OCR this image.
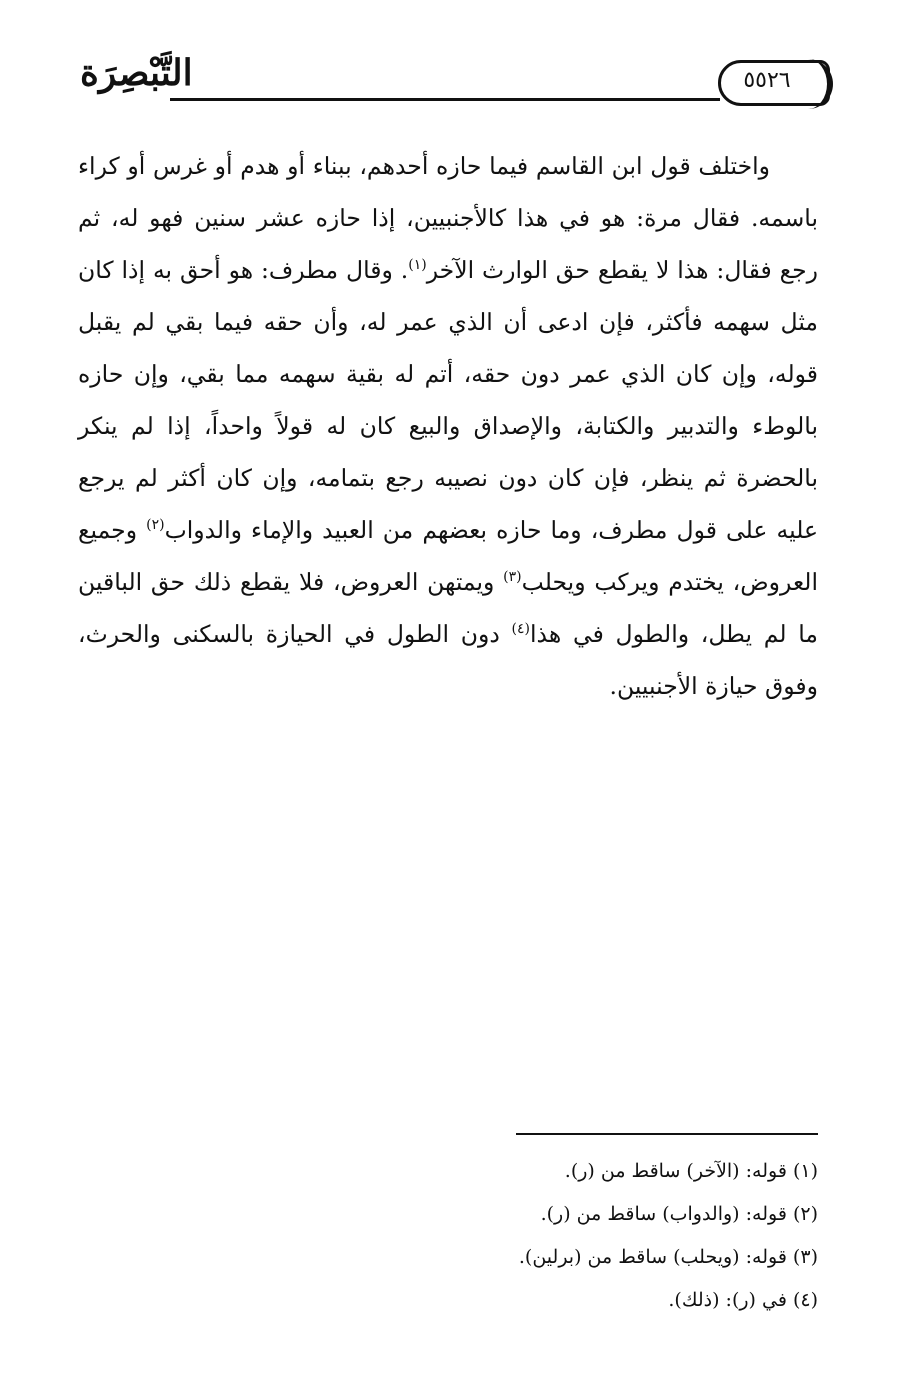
التَّبْصِرَة	٥٥٢٦

واختلف قول ابن القاسم فيما حازه أحدهم، ببناء أو هدم أو غرس أو كراء باسمه. فقال مرة: هو في هذا كالأجنبيين، إذا حازه عشر سنين فهو له، ثم رجع فقال: هذا لا يقطع حق الوارث الآخر$^{(١)}$. وقال مطرف: هو أحق به إذا كان مثل سهمه فأكثر، فإن ادعى أن الذي عمر له، وأن حقه فيما بقي لم يقبل قوله، وإن كان الذي عمر دون حقه، أتم له بقية سهمه مما بقي، وإن حازه بالوطء والتدبير والكتابة، والإصداق والبيع كان له قولاً واحداً، إذا لم ينكر بالحضرة ثم ينظر، فإن كان دون نصيبه رجع بتمامه، وإن كان أكثر لم يرجع عليه على قول مطرف، وما حازه بعضهم من العبيد والإماء والدواب$^{(٢)}$ وجميع العروض، يختدم ويركب ويحلب$^{(٣)}$ ويمتهن العروض، فلا يقطع ذلك حق الباقين ما لم يطل، والطول في هذا$^{(٤)}$ دون الطول في الحيازة بالسكنى والحرث، وفوق حيازة الأجنبيين.

(١) قوله: (الآخر) ساقط من (ر).
(٢) قوله: (والدواب) ساقط من (ر).
(٣) قوله: (ويحلب) ساقط من (برلين).
(٤) في (ر): (ذلك).
